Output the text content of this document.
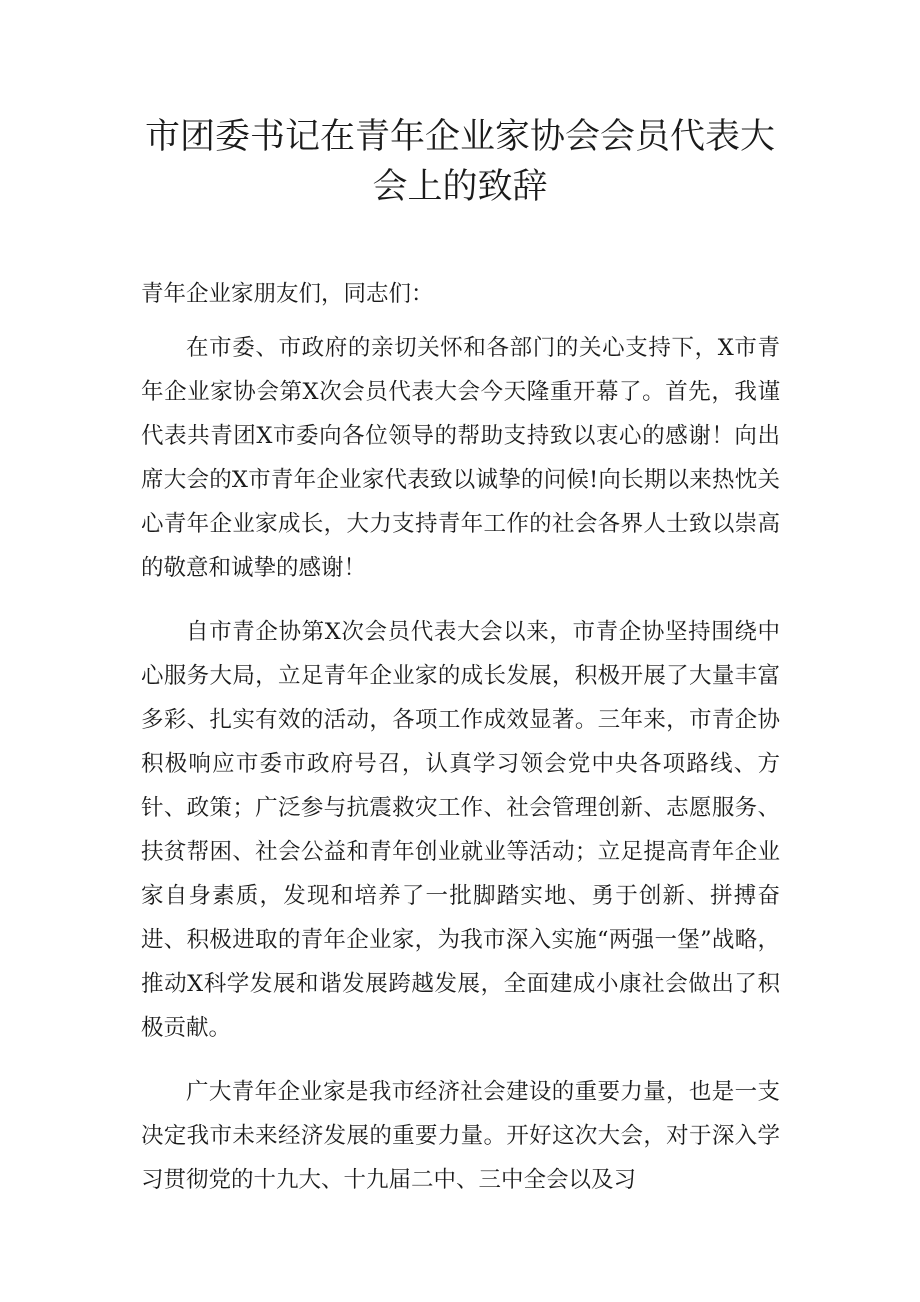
市团委书记在青年企业家协会会员代表大会上的致辞

青年企业家朋友们，同志们：

在市委、市政府的亲切关怀和各部门的关心支持下，X市青年企业家协会第X次会员代表大会今天隆重开幕了。首先，我谨代表共青团X市委向各位领导的帮助支持致以衷心的感谢！向出席大会的X市青年企业家代表致以诚挚的问候!向长期以来热忱关心青年企业家成长，大力支持青年工作的社会各界人士致以崇高的敬意和诚挚的感谢！

自市青企协第X次会员代表大会以来，市青企协坚持围绕中心服务大局，立足青年企业家的成长发展，积极开展了大量丰富多彩、扎实有效的活动，各项工作成效显著。三年来，市青企协积极响应市委市政府号召，认真学习领会党中央各项路线、方针、政策；广泛参与抗震救灾工作、社会管理创新、志愿服务、扶贫帮困、社会公益和青年创业就业等活动；立足提高青年企业家自身素质，发现和培养了一批脚踏实地、勇于创新、拼搏奋进、积极进取的青年企业家，为我市深入实施“两强一堡”战略，推动X科学发展和谐发展跨越发展，全面建成小康社会做出了积极贡献。

广大青年企业家是我市经济社会建设的重要力量，也是一支决定我市未来经济发展的重要力量。开好这次大会，对于深入学习贯彻党的十九大、十九届二中、三中全会以及习
